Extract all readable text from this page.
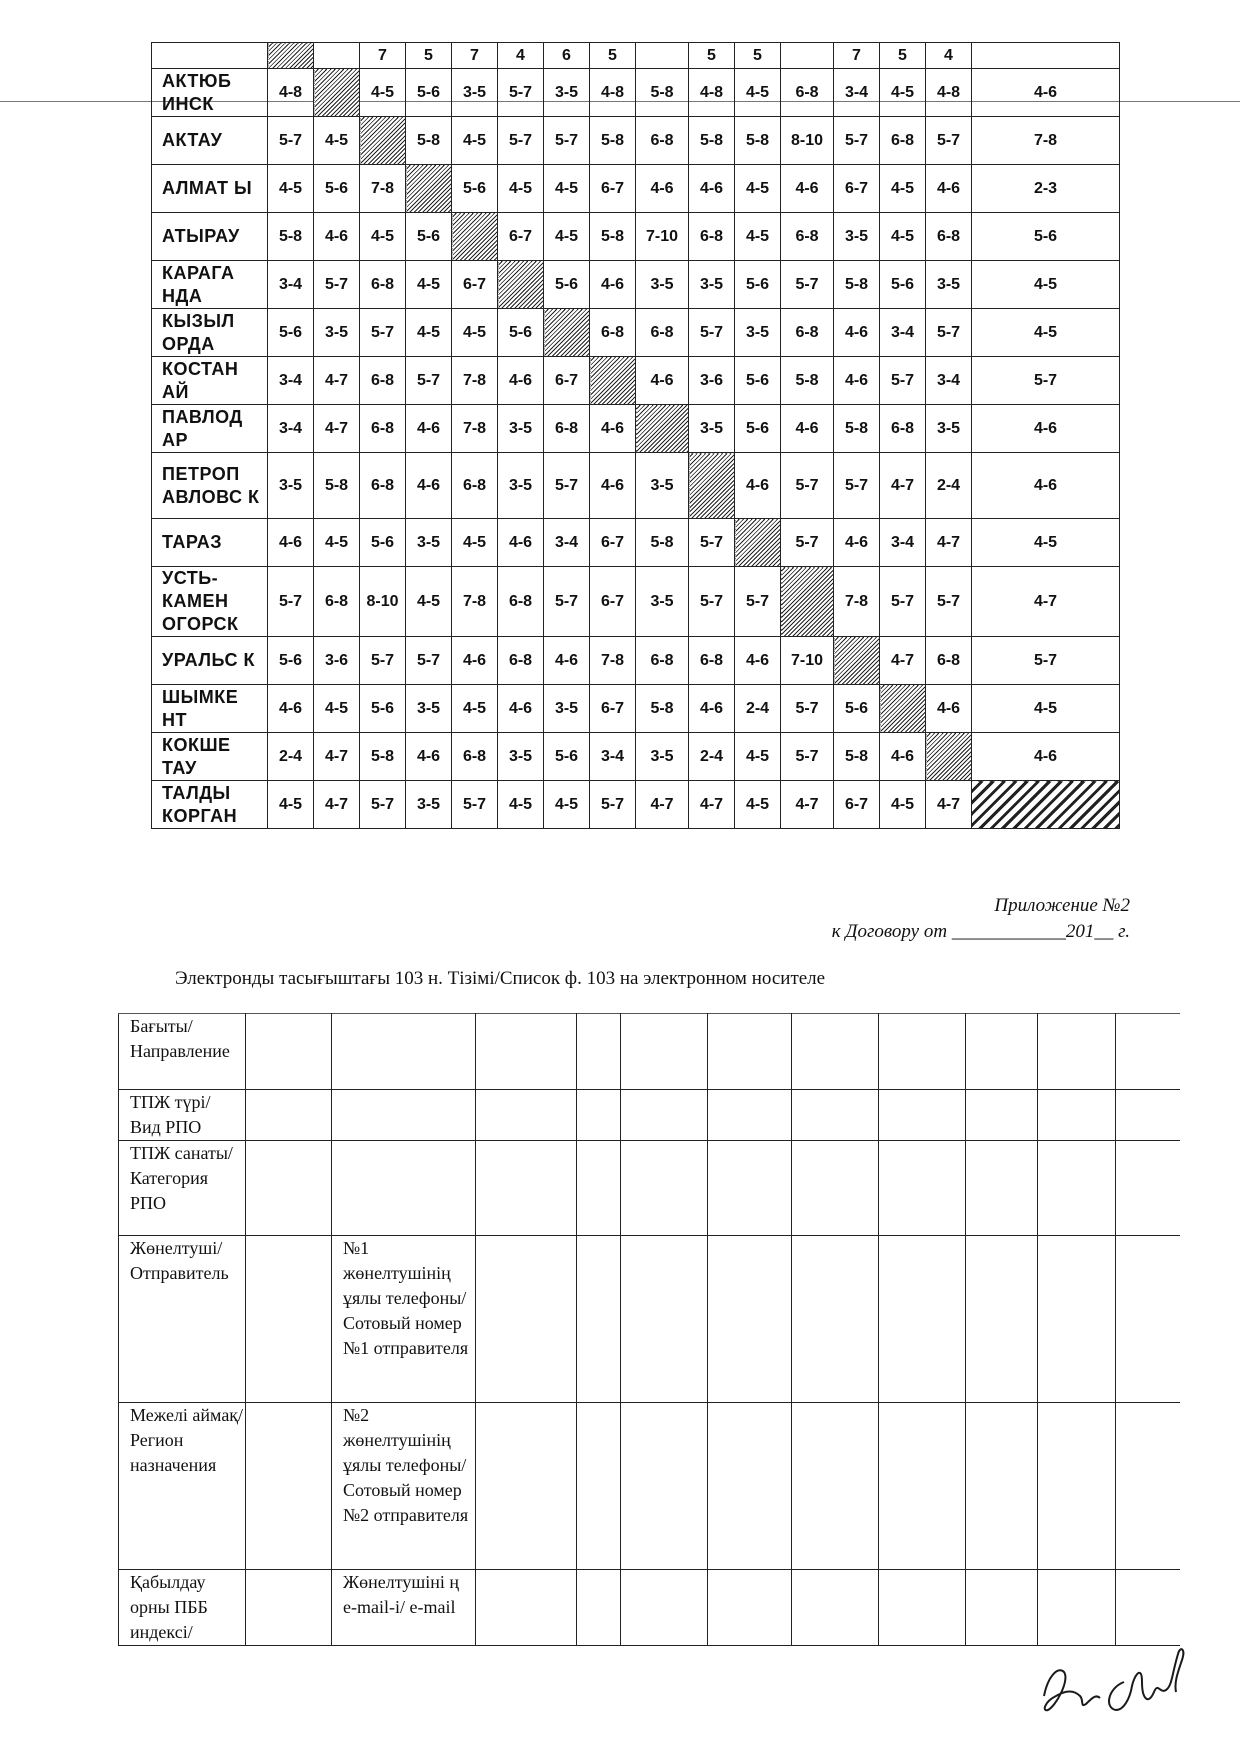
			7	5	7	4	6	5		5	5		7	5	4	
АКТЮБ ИНСК	4-8		4-5	5-6	3-5	5-7	3-5	4-8	5-8	4-8	4-5	6-8	3-4	4-5	4-8	4-6
АКТАУ	5-7	4-5		5-8	4-5	5-7	5-7	5-8	6-8	5-8	5-8	8-10	5-7	6-8	5-7	7-8
АЛМАТ Ы	4-5	5-6	7-8		5-6	4-5	4-5	6-7	4-6	4-6	4-5	4-6	6-7	4-5	4-6	2-3
АТЫРАУ	5-8	4-6	4-5	5-6		6-7	4-5	5-8	7-10	6-8	4-5	6-8	3-5	4-5	6-8	5-6
КАРАГА НДА	3-4	5-7	6-8	4-5	6-7		5-6	4-6	3-5	3-5	5-6	5-7	5-8	5-6	3-5	4-5
КЫЗЫЛ ОРДА	5-6	3-5	5-7	4-5	4-5	5-6		6-8	6-8	5-7	3-5	6-8	4-6	3-4	5-7	4-5
КОСТАН АЙ	3-4	4-7	6-8	5-7	7-8	4-6	6-7		4-6	3-6	5-6	5-8	4-6	5-7	3-4	5-7
ПАВЛОД АР	3-4	4-7	6-8	4-6	7-8	3-5	6-8	4-6		3-5	5-6	4-6	5-8	6-8	3-5	4-6
ПЕТРОП АВЛОВС К	3-5	5-8	6-8	4-6	6-8	3-5	5-7	4-6	3-5		4-6	5-7	5-7	4-7	2-4	4-6
ТАРАЗ	4-6	4-5	5-6	3-5	4-5	4-6	3-4	6-7	5-8	5-7		5-7	4-6	3-4	4-7	4-5
УСТЬ-КАМЕН ОГОРСК	5-7	6-8	8-10	4-5	7-8	6-8	5-7	6-7	3-5	5-7	5-7		7-8	5-7	5-7	4-7
УРАЛЬС К	5-6	3-6	5-7	5-7	4-6	6-8	4-6	7-8	6-8	6-8	4-6	7-10		4-7	6-8	5-7
ШЫМКЕ НТ	4-6	4-5	5-6	3-5	4-5	4-6	3-5	6-7	5-8	4-6	2-4	5-7	5-6		4-6	4-5
КОКШЕ ТАУ	2-4	4-7	5-8	4-6	6-8	3-5	5-6	3-4	3-5	2-4	4-5	5-7	5-8	4-6		4-6
ТАЛДЫ КОРГАН	4-5	4-7	5-7	3-5	5-7	4-5	4-5	5-7	4-7	4-7	4-5	4-7	6-7	4-5	4-7	
Приложение №2
к Договору от ____________201__ г.
Электронды тасығыштағы 103 н. Тізімі/Список ф. 103 на электронном носителе
Бағыты/ Направление											
ТПЖ түрі/ Вид РПО											
ТПЖ санаты/ Категория РПО											
Жөнелтуші/ Отправитель		№1 жөнелтушінің ұялы телефоны/ Сотовый номер №1 отправителя									
Межелі аймақ/ Регион назначения		№2 жөнелтушінің ұялы телефоны/ Сотовый номер №2 отправителя									
Қабылдау орны ПББ индексі/		Жөнелтушіні ң e-mail-i/ e-mail									
